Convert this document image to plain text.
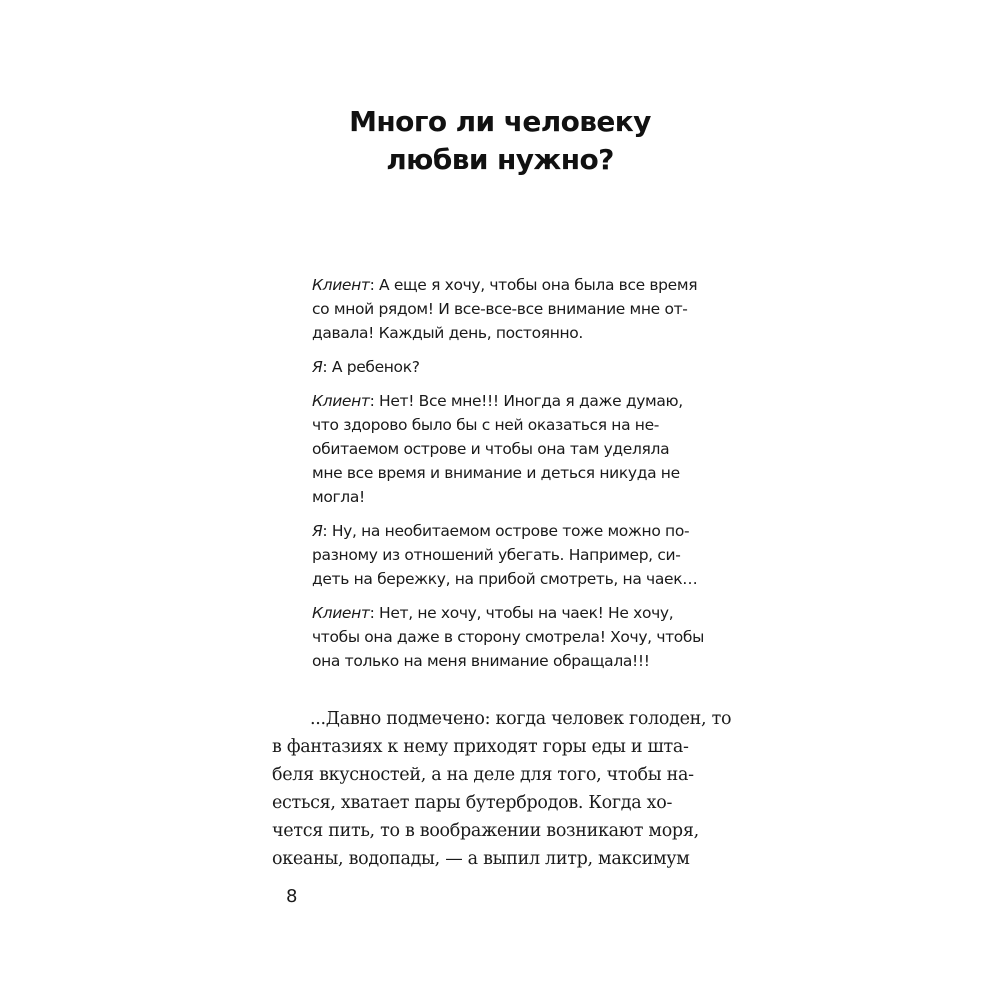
Много ли человеку
любви нужно?

Клиент: А еще я хочу, чтобы она была все время
со мной рядом! И все-все-все внимание мне от-
давала! Каждый день, постоянно.

Я: А ребенок?

Клиент: Нет! Все мне!!! Иногда я даже думаю,
что здорово было бы с ней оказаться на не-
обитаемом острове и чтобы она там уделяла
мне все время и внимание и деться никуда не
могла!

Я: Ну, на необитаемом острове тоже можно по-
разному из отношений убегать. Например, си-
деть на бережку, на прибой смотреть, на чаек…

Клиент: Нет, не хочу, чтобы на чаек! Не хочу,
чтобы она даже в сторону смотрела! Хочу, чтобы
она только на меня внимание обращала!!!

...Давно подмечено: когда человек голоден, то
в фантазиях к нему приходят горы еды и шта-
беля вкусностей, а на деле для того, чтобы на-
есться, хватает пары бутербродов. Когда хо-
чется пить, то в воображении возникают моря,
океаны, водопады, — а выпил литр, максимум
8
